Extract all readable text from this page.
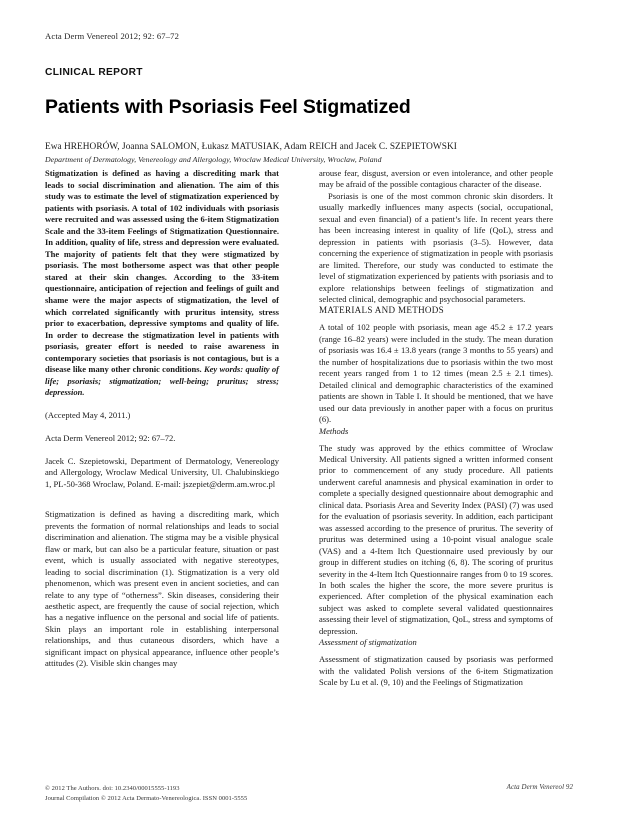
Acta Derm Venereol 2012; 92: 67–72
CLINICAL REPORT
Patients with Psoriasis Feel Stigmatized
Ewa HREHORÓW, Joanna SALOMON, Łukasz MATUSIAK, Adam REICH and Jacek C. SZEPIETOWSKI
Department of Dermatology, Venereology and Allergology, Wroclaw Medical University, Wroclaw, Poland

Stigmatization is defined as having a discrediting mark that leads to social discrimination and alienation. The aim of this study was to estimate the level of stigmatization experienced by patients with psoriasis. A total of 102 individuals with psoriasis were recruited and was assessed using the 6-item Stigmatization Scale and the 33-item Feelings of Stigmatization Questionnaire. In addition, quality of life, stress and depression were evaluated. The majority of patients felt that they were stigmatized by psoriasis. The most bothersome aspect was that other people stared at their skin changes. According to the 33-item questionnaire, anticipation of rejection and feelings of guilt and shame were the major aspects of stigmatization, the level of which correlated significantly with pruritus intensity, stress prior to exacerbation, depressive symptoms and quality of life. In order to decrease the stigmatization level in patients with psoriasis, greater effort is needed to raise awareness in contemporary societies that psoriasis is not contagious, but is a disease like many other chronic conditions. Key words: quality of life; psoriasis; stigmatization; well-being; pruritus; stress; depression.

(Accepted May 4, 2011.)

Acta Derm Venereol 2012; 92: 67–72.

Jacek C. Szepietowski, Department of Dermatology, Venereology and Allergology, Wroclaw Medical University, Ul. Chalubinskiego 1, PL-50-368 Wroclaw, Poland. E-mail: jszepiet@derm.am.wroc.pl

Stigmatization is defined as having a discrediting mark, which prevents the formation of normal relationships and leads to social discrimination and alienation. The stigma may be a visible physical flaw or mark, but can also be a particular feature, situation or past event, which is usually associated with negative stereotypes, leading to social discrimination (1). Stigmatization is a very old phenomenon, which was present even in ancient societies, and can relate to any type of “otherness”. Skin diseases, considering their aesthetic aspect, are frequently the cause of social rejection, which has a negative influence on the personal and social life of patients. Skin plays an important role in establishing interpersonal relationships, and thus cutaneous disorders, which have a significant impact on physical appearance, influence other people’s attitudes (2). Visible skin changes may

arouse fear, disgust, aversion or even intolerance, and other people may be afraid of the possible contagious character of the disease.

Psoriasis is one of the most common chronic skin disorders. It usually markedly influences many aspects (social, occupational, sexual and even financial) of a patient’s life. In recent years there has been increasing interest in quality of life (QoL), stress and depression in patients with psoriasis (3–5). However, data concerning the experience of stigmatization in people with psoriasis are limited. Therefore, our study was conducted to estimate the level of stigmatization experienced by patients with psoriasis and to explore relationships between feelings of stigmatization and selected clinical, demographic and psychosocial parameters.

MATERIALS AND METHODS

A total of 102 people with psoriasis, mean age 45.2 ± 17.2 years (range 16–82 years) were included in the study. The mean duration of psoriasis was 16.4 ± 13.8 years (range 3 months to 55 years) and the number of hospitalizations due to psoriasis within the two most recent years ranged from 1 to 12 times (mean 2.5 ± 2.1 times). Detailed clinical and demographic characteristics of the examined patients are shown in Table I. It should be mentioned, that we have used our data previously in another paper with a focus on pruritus (6).

Methods

The study was approved by the ethics committee of Wroclaw Medical University. All patients signed a written informed consent prior to commencement of any study procedure. All patients underwent careful anamnesis and physical examination in order to complete a specially designed questionnaire about demographic and clinical data. Psoriasis Area and Severity Index (PASI) (7) was used for the evaluation of psoriasis severity. In addition, each participant was assessed according to the presence of pruritus. The severity of pruritus was determined using a 10-point visual analogue scale (VAS) and a 4-Item Itch Questionnaire used previously by our group in different studies on itching (6, 8). The scoring of pruritus severity in the 4-Item Itch Questionnaire ranges from 0 to 19 scores. In both scales the higher the score, the more severe pruritus is experienced. After completion of the physical examination each subject was asked to complete several validated questionnaires assessing their level of stigmatization, QoL, stress and symptoms of depression.

Assessment of stigmatization

Assessment of stigmatization caused by psoriasis was performed with the validated Polish versions of the 6-item Stigmatization Scale by Lu et al. (9, 10) and the Feelings of Stigmatization

© 2012 The Authors. doi: 10.2340/00015555-1193
Journal Compilation © 2012 Acta Dermato-Venereologica. ISSN 0001-5555
Acta Derm Venereol 92
